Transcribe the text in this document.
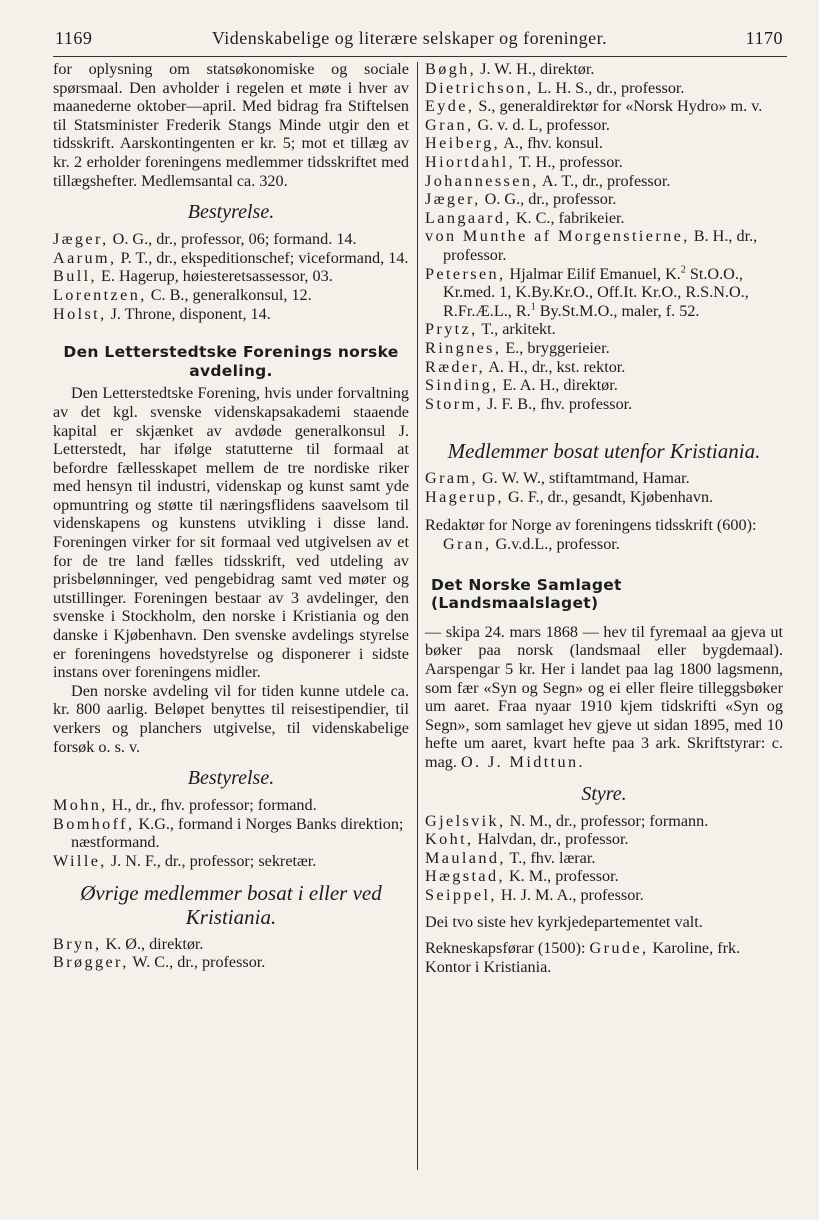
1169	Videnskabelige og literære selskaper og foreninger.	1170

for oplysning om statsøkonomiske og sociale spørsmaal. Den avholder i regelen et møte i hver av maanederne oktober—april. Med bidrag fra Stiftelsen til Statsminister Frederik Stangs Minde utgir den et tidsskrift. Aarskontingenten er kr. 5; mot et tillæg av kr. 2 erholder foreningens medlemmer tidsskriftet med tillægshefter. Medlemsantal ca. 320.

Bestyrelse.

Jæger, O. G., dr., professor, 06; formand. 14.

Aarum, P. T., dr., ekspeditionschef; viceformand, 14.

Bull, E. Hagerup, høiesteretsassessor, 03.

Lorentzen, C. B., generalkonsul, 12.

Holst, J. Throne, disponent, 14.

Den Letterstedtske Forenings norske avdeling.

Den Letterstedtske Forening, hvis under forvaltning av det kgl. svenske videnskapsakademi staaende kapital er skjænket av avdøde generalkonsul J. Letterstedt, har ifølge statutterne til formaal at befordre fællesskapet mellem de tre nordiske riker med hensyn til industri, videnskap og kunst samt yde opmuntring og støtte til næringsflidens saavelsom til videnskapens og kunstens utvikling i disse land. Foreningen virker for sit formaal ved utgivelsen av et for de tre land fælles tidsskrift, ved utdeling av prisbelønninger, ved pengebidrag samt ved møter og utstillinger. Foreningen bestaar av 3 avdelinger, den svenske i Stockholm, den norske i Kristiania og den danske i Kjøbenhavn. Den svenske avdelings styrelse er foreningens hovedstyrelse og disponerer i sidste instans over foreningens midler.

Den norske avdeling vil for tiden kunne utdele ca. kr. 800 aarlig. Beløpet benyttes til reisestipendier, til verkers og planchers utgivelse, til videnskabelige forsøk o. s. v.

Bestyrelse.

Mohn, H., dr., fhv. professor; formand.

Bomhoff, K.G., formand i Norges Banks direktion; næstformand.

Wille, J. N. F., dr., professor; sekretær.

Øvrige medlemmer bosat i eller ved Kristiania.

Bryn, K. Ø., direktør.

Brøgger, W. C., dr., professor.

Bøgh, J. W. H., direktør.

Dietrichson, L. H. S., dr., professor.

Eyde, S., generaldirektør for «Norsk Hydro» m. v.

Gran, G. v. d. L, professor.

Heiberg, A., fhv. konsul.

Hiortdahl, T. H., professor.

Johannessen, A. T., dr., professor.

Jæger, O. G., dr., professor.

Langaard, K. C., fabrikeier.

von Munthe af Morgenstierne, B. H., dr., professor.

Petersen, Hjalmar Eilif Emanuel, K.$^2$ St.O.O., Kr.med. 1, K.By.Kr.O., Off.It. Kr.O., R.S.N.O., R.Fr.Æ.L., R.$^1$ By.St.M.O., maler, f. 52.

Prytz, T., arkitekt.

Ringnes, E., bryggerieier.

Ræder, A. H., dr., kst. rektor.

Sinding, E. A. H., direktør.

Storm, J. F. B., fhv. professor.

Medlemmer bosat utenfor Kristiania.

Gram, G. W. W., stiftamtmand, Hamar.

Hagerup, G. F., dr., gesandt, Kjøbenhavn.

Redaktør for Norge av foreningens tidsskrift (600): Gran, G.v.d.L., professor.

Det Norske Samlaget (Landsmaalslaget)

— skipa 24. mars 1868 — hev til fyremaal aa gjeva ut bøker paa norsk (landsmaal eller bygdemaal). Aarspengar 5 kr. Her i landet paa lag 1800 lagsmenn, som fær «Syn og Segn» og ei eller fleire tilleggsbøker um aaret. Fraa nyaar 1910 kjem tidskrifti «Syn og Segn», som samlaget hev gjeve ut sidan 1895, med 10 hefte um aaret, kvart hefte paa 3 ark. Skriftstyrar: c. mag. O. J. Midttun.

Styre.

Gjelsvik, N. M., dr., professor; formann.

Koht, Halvdan, dr., professor.

Mauland, T., fhv. lærar.

Hægstad, K. M., professor.

Seippel, H. J. M. A., professor.

Dei tvo siste hev kyrkjedepartementet valt.

Rekneskapsførar (1500): Grude, Karoline, frk.

Kontor i Kristiania.
